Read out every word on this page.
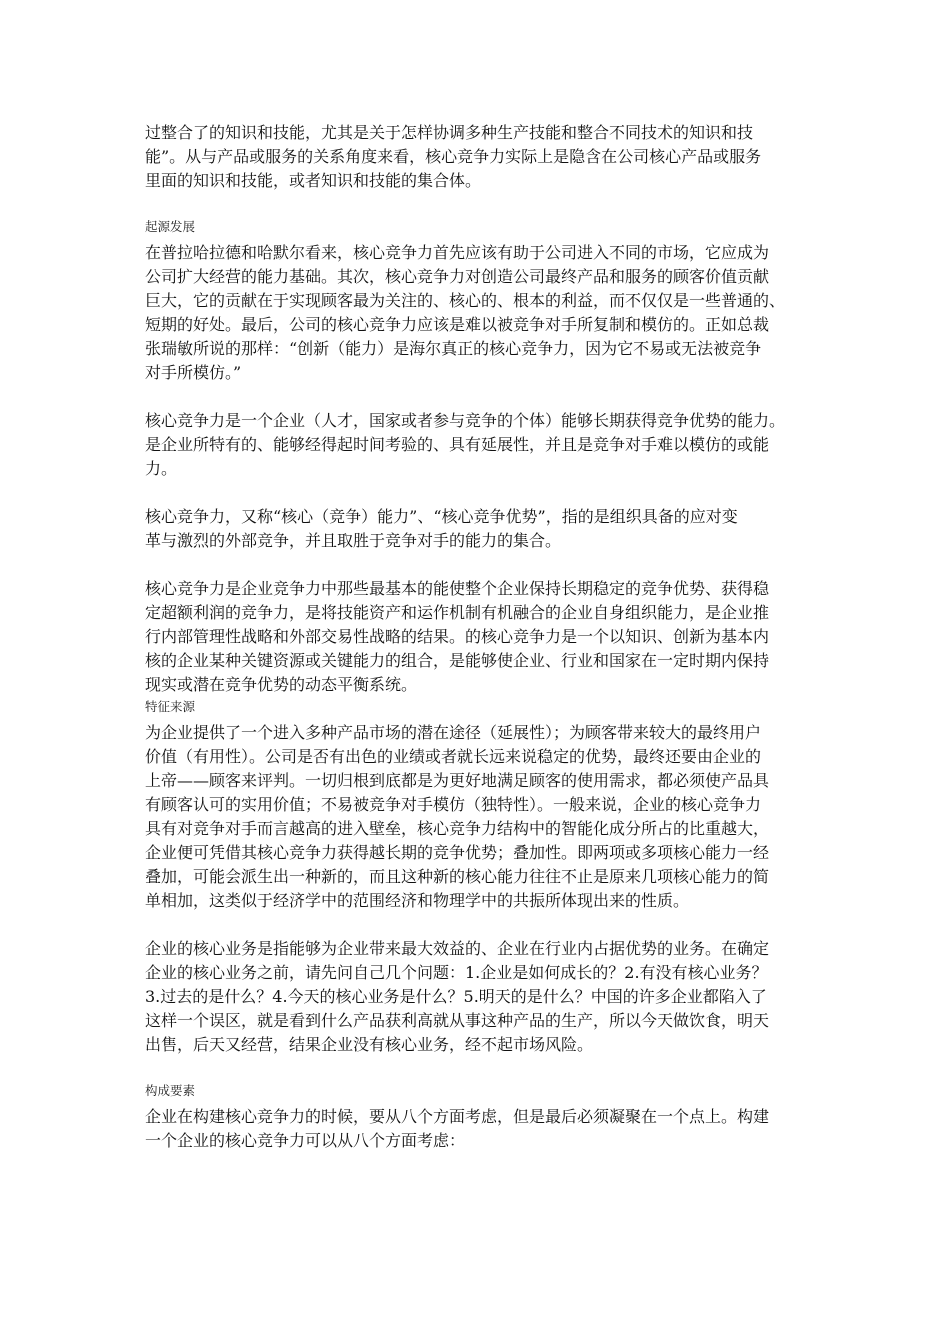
过整合了的知识和技能，尤其是关于怎样协调多种生产技能和整合不同技术的知识和技
能”。从与产品或服务的关系角度来看，核心竞争力实际上是隐含在公司核心产品或服务
里面的知识和技能，或者知识和技能的集合体。
起源发展
在普拉哈拉德和哈默尔看来，核心竞争力首先应该有助于公司进入不同的市场，它应成为
公司扩大经营的能力基础。其次，核心竞争力对创造公司最终产品和服务的顾客价值贡献
巨大，它的贡献在于实现顾客最为关注的、核心的、根本的利益，而不仅仅是一些普通的、
短期的好处。最后，公司的核心竞争力应该是难以被竞争对手所复制和模仿的。正如总裁
张瑞敏所说的那样：“创新（能力）是海尔真正的核心竞争力，因为它不易或无法被竞争
对手所模仿。”
核心竞争力是一个企业（人才，国家或者参与竞争的个体）能够长期获得竞争优势的能力。
是企业所特有的、能够经得起时间考验的、具有延展性，并且是竞争对手难以模仿的或能
力。
核心竞争力，又称“核心（竞争）能力”、“核心竞争优势”，指的是组织具备的应对变
革与激烈的外部竞争，并且取胜于竞争对手的能力的集合。
核心竞争力是企业竞争力中那些最基本的能使整个企业保持长期稳定的竞争优势、获得稳
定超额利润的竞争力，是将技能资产和运作机制有机融合的企业自身组织能力，是企业推
行内部管理性战略和外部交易性战略的结果。的核心竞争力是一个以知识、创新为基本内
核的企业某种关键资源或关键能力的组合，是能够使企业、行业和国家在一定时期内保持
现实或潜在竞争优势的动态平衡系统。
特征来源
为企业提供了一个进入多种产品市场的潜在途径（延展性）；为顾客带来较大的最终用户
价值（有用性）。公司是否有出色的业绩或者就长远来说稳定的优势，最终还要由企业的
上帝——顾客来评判。一切归根到底都是为更好地满足顾客的使用需求，都必须使产品具
有顾客认可的实用价值；不易被竞争对手模仿（独特性）。一般来说，企业的核心竞争力
具有对竞争对手而言越高的进入壁垒，核心竞争力结构中的智能化成分所占的比重越大，
企业便可凭借其核心竞争力获得越长期的竞争优势；叠加性。即两项或多项核心能力一经
叠加，可能会派生出一种新的，而且这种新的核心能力往往不止是原来几项核心能力的简
单相加，这类似于经济学中的范围经济和物理学中的共振所体现出来的性质。
企业的核心业务是指能够为企业带来最大效益的、企业在行业内占据优势的业务。在确定
企业的核心业务之前，请先问自己几个问题：1.企业是如何成长的？2.有没有核心业务？
3.过去的是什么？4.今天的核心业务是什么？5.明天的是什么？中国的许多企业都陷入了
这样一个误区，就是看到什么产品获利高就从事这种产品的生产，所以今天做饮食，明天
出售，后天又经营，结果企业没有核心业务，经不起市场风险。
构成要素
企业在构建核心竞争力的时候，要从八个方面考虑，但是最后必须凝聚在一个点上。构建
一个企业的核心竞争力可以从八个方面考虑：
